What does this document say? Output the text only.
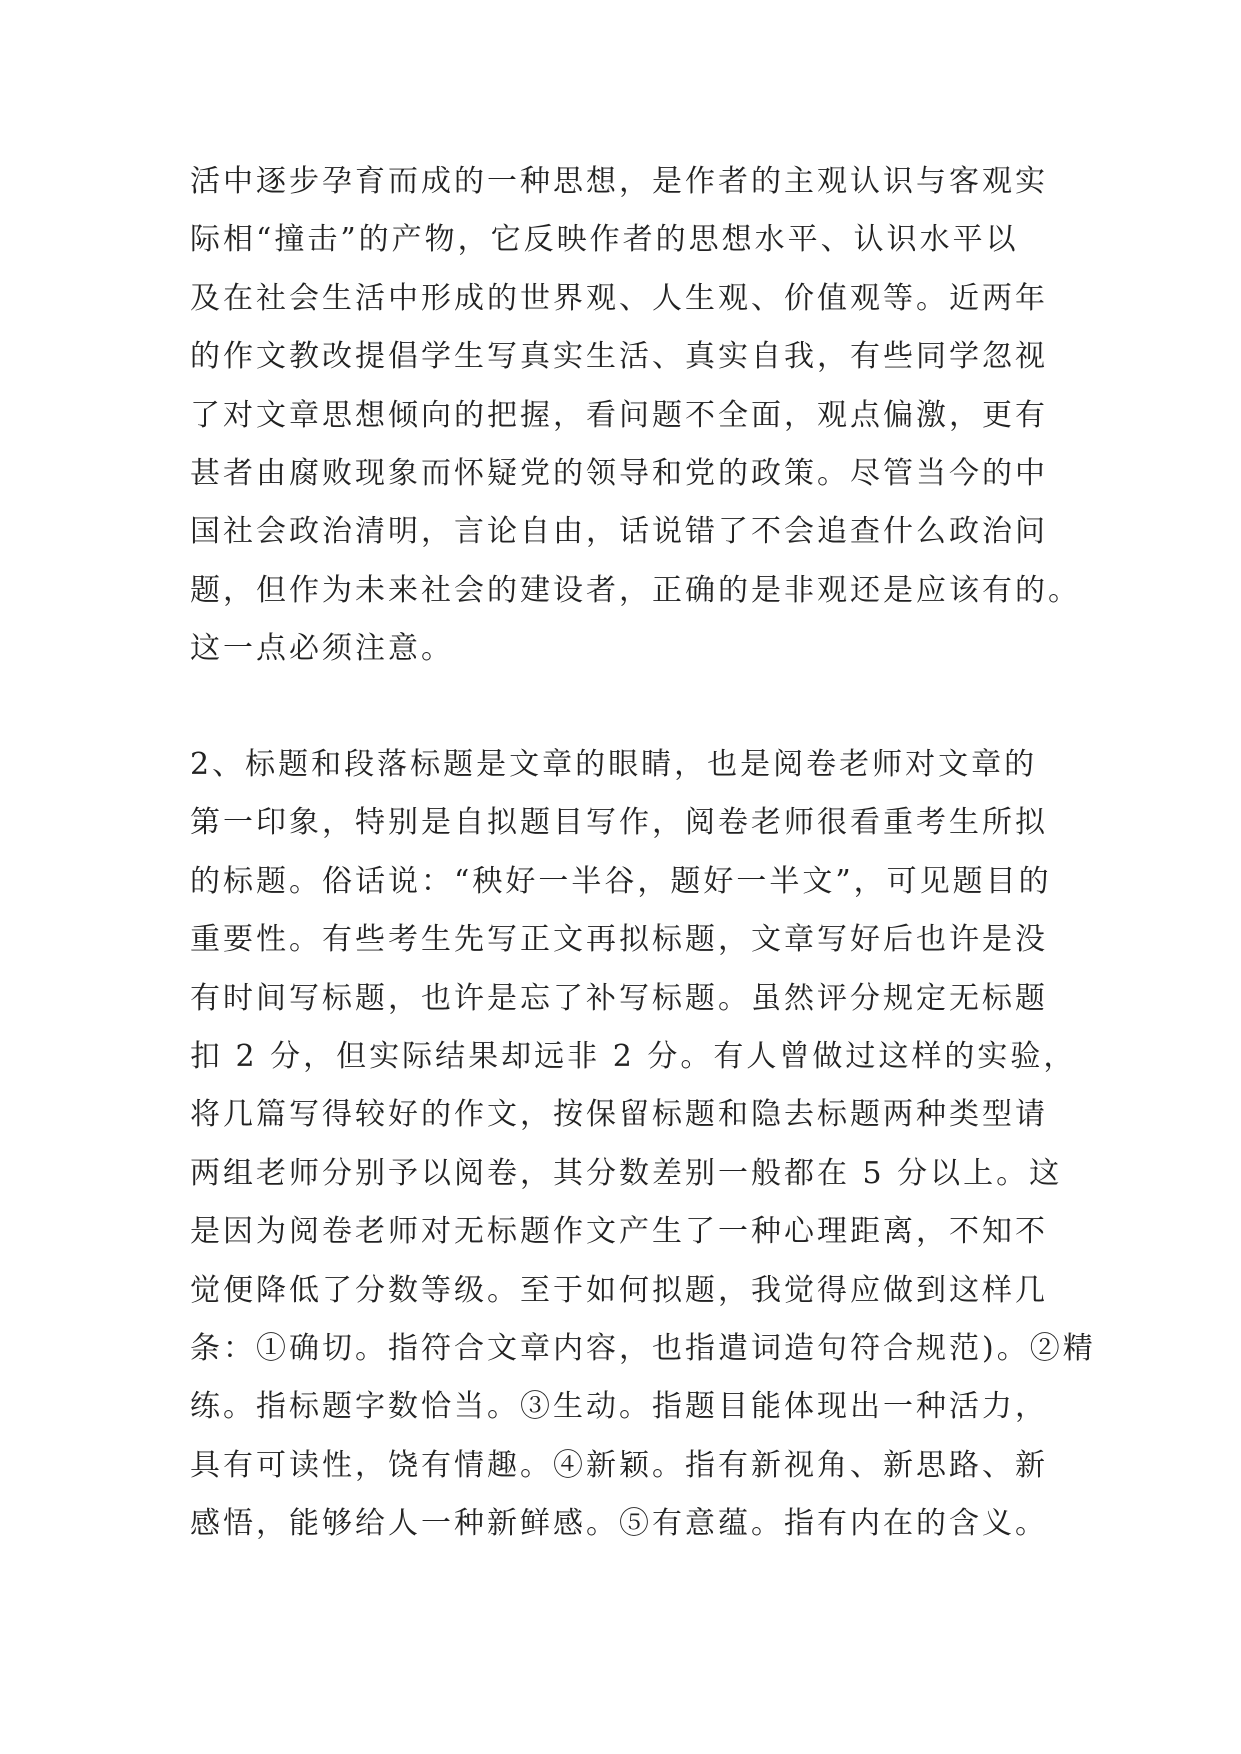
活中逐步孕育而成的一种思想，是作者的主观认识与客观实
际相“撞击”的产物，它反映作者的思想水平、认识水平以
及在社会生活中形成的世界观、人生观、价值观等。近两年
的作文教改提倡学生写真实生活、真实自我，有些同学忽视
了对文章思想倾向的把握，看问题不全面，观点偏激，更有
甚者由腐败现象而怀疑党的领导和党的政策。尽管当今的中
国社会政治清明，言论自由，话说错了不会追查什么政治问
题，但作为未来社会的建设者，正确的是非观还是应该有的。
这一点必须注意。
2、标题和段落标题是文章的眼睛，也是阅卷老师对文章的
第一印象，特别是自拟题目写作，阅卷老师很看重考生所拟
的标题。俗话说：“秧好一半谷，题好一半文”，可见题目的
重要性。有些考生先写正文再拟标题，文章写好后也许是没
有时间写标题，也许是忘了补写标题。虽然评分规定无标题
扣 2 分，但实际结果却远非 2 分。有人曾做过这样的实验，
将几篇写得较好的作文，按保留标题和隐去标题两种类型请
两组老师分别予以阅卷，其分数差别一般都在 5 分以上。这
是因为阅卷老师对无标题作文产生了一种心理距离，不知不
觉便降低了分数等级。至于如何拟题，我觉得应做到这样几
条：①确切。指符合文章内容，也指遣词造句符合规范)。②精
练。指标题字数恰当。③生动。指题目能体现出一种活力，
具有可读性，饶有情趣。④新颖。指有新视角、新思路、新
感悟，能够给人一种新鲜感。⑤有意蕴。指有内在的含义。
